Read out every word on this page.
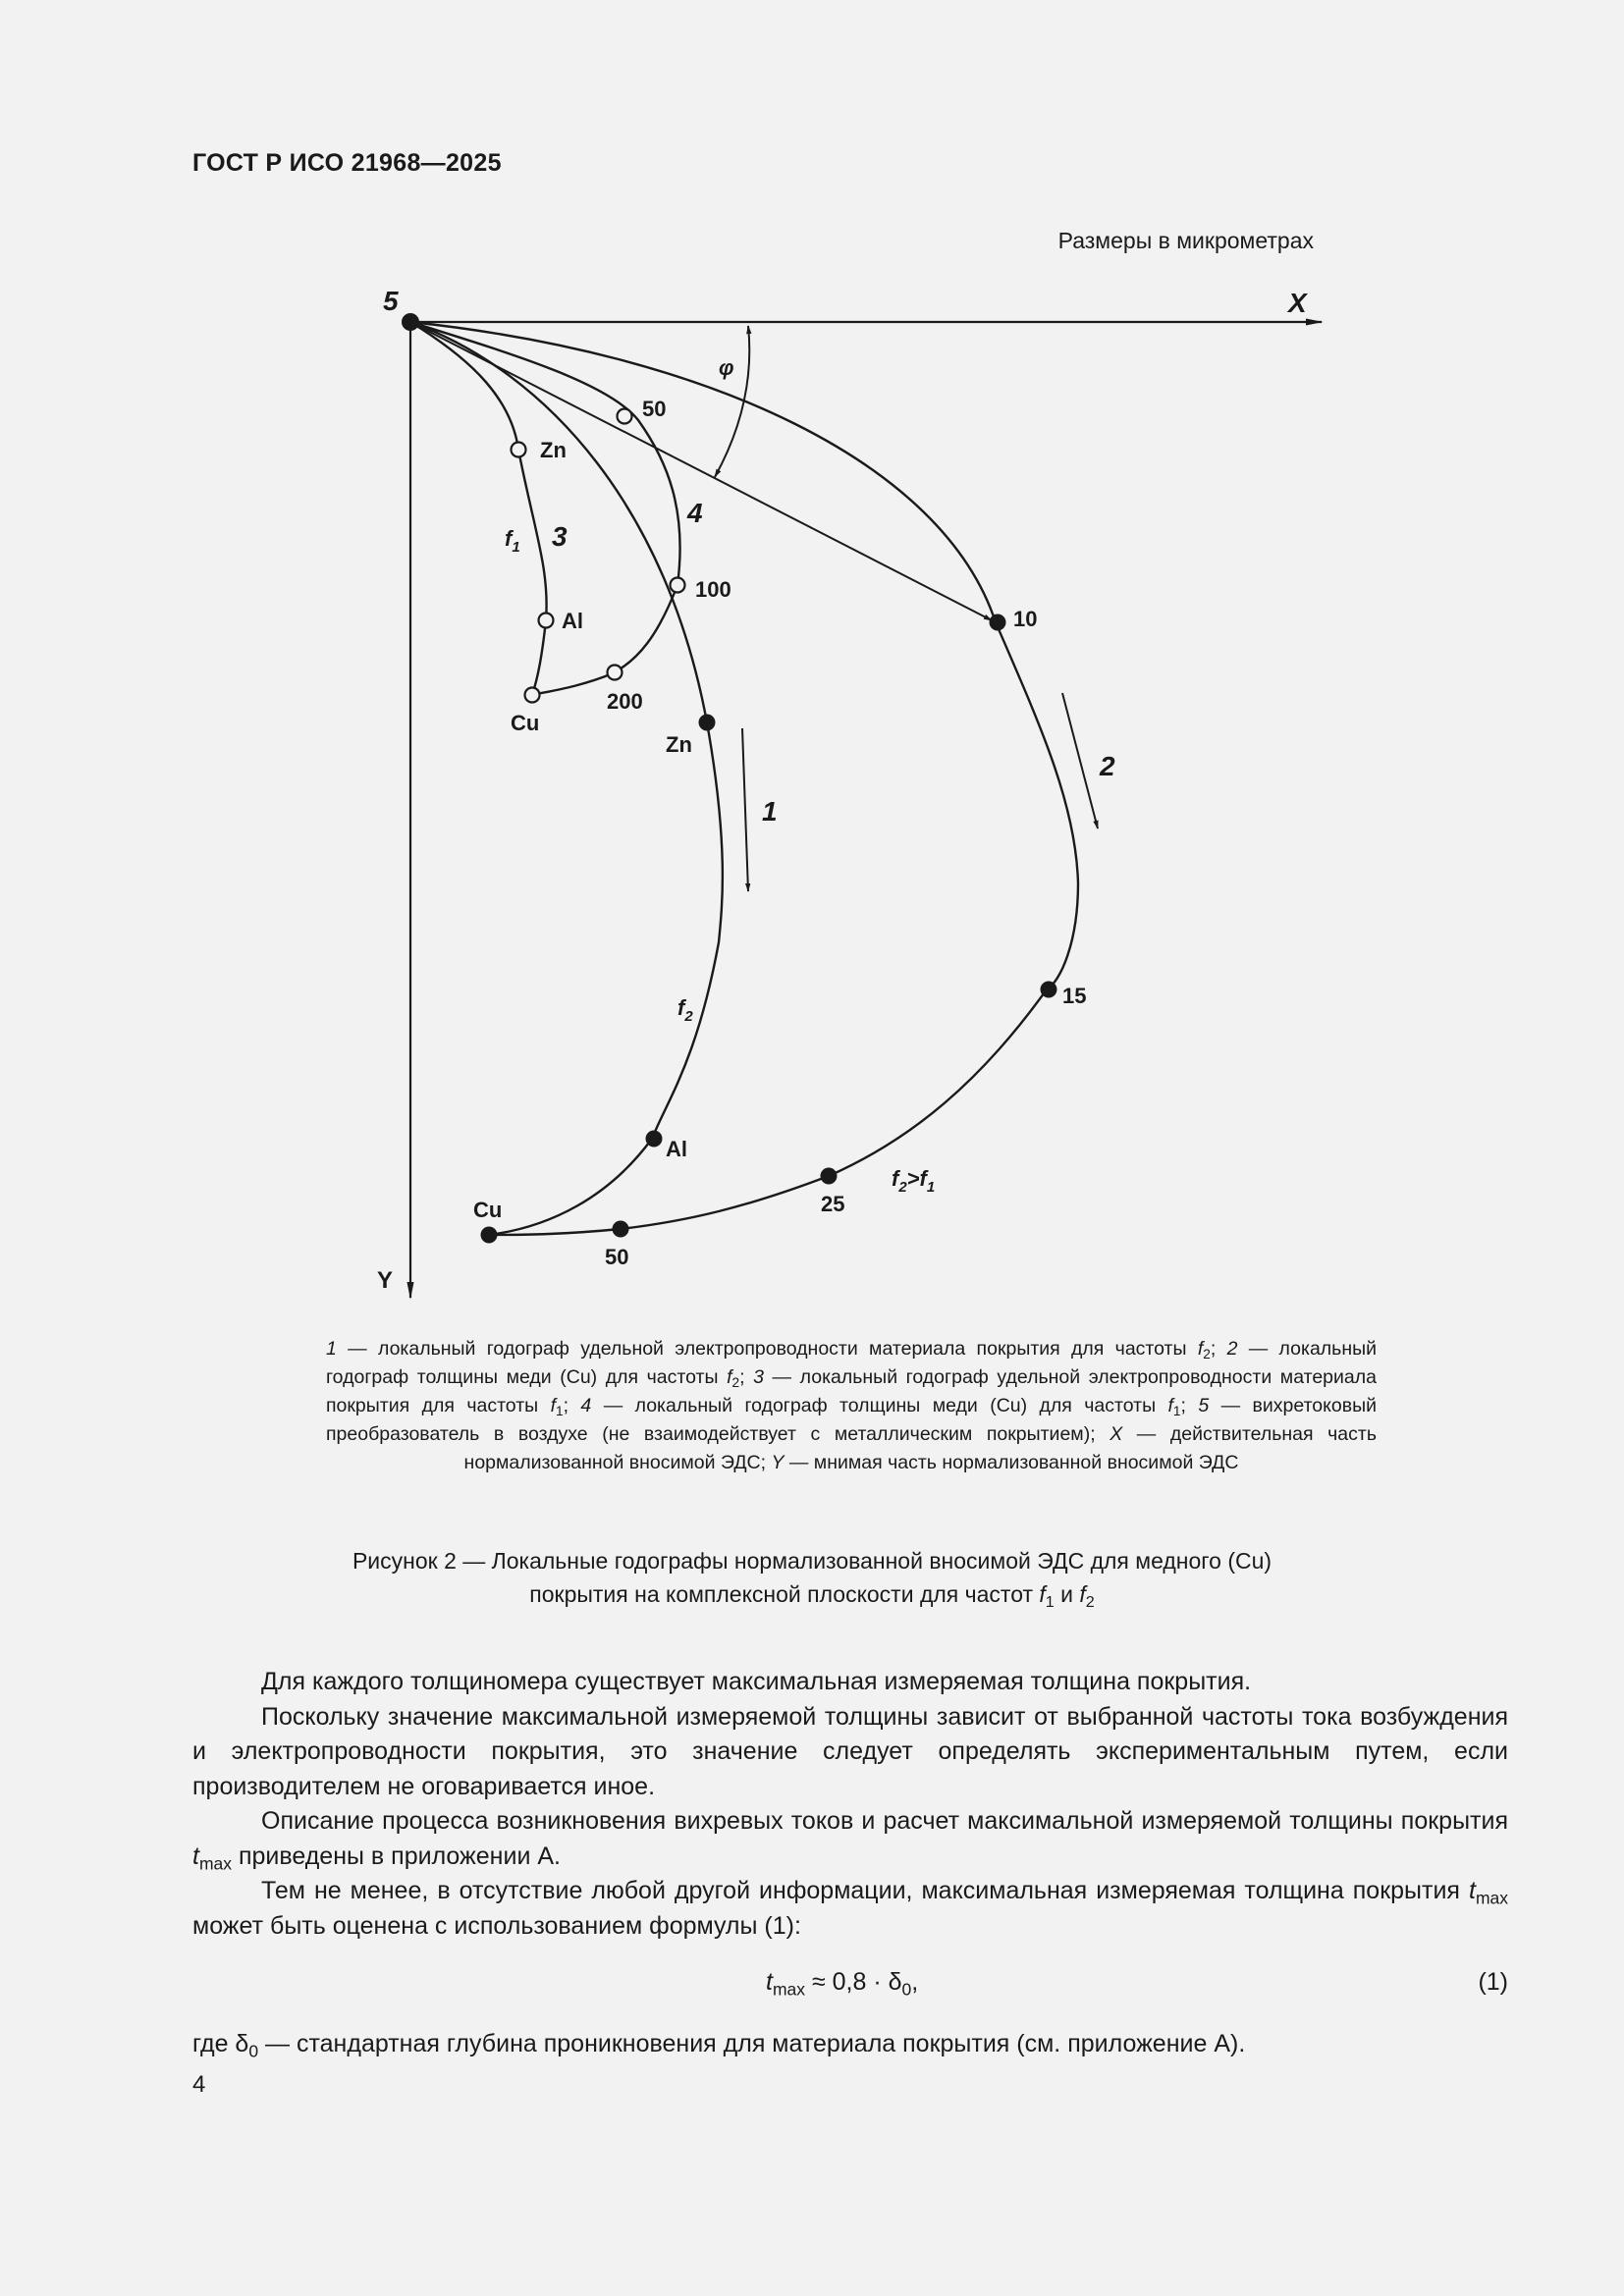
ГОСТ Р ИСО 21968—2025
Размеры в микрометрах
X
Y
5
φ
Zn
Al
Cu
50
100
200
Zn
Al
Cu
10
15
25
50
1
2
3
4
$f_1$
$f_2$
$f_2>f_1$
1 — локальный годограф удельной электропроводности материала покрытия для частоты $f_2$; 2 — локальный годограф толщины меди (Cu) для частоты $f_2$; 3 — локальный годограф удельной электропроводности материала покрытия для частоты $f_1$; 4 — локальный годограф толщины меди (Cu) для частоты $f_1$; 5 — вихретоковый преобразователь в воздухе (не взаимодействует с металлическим покрытием); X — действительная часть нормализованной вносимой ЭДС; Y — мнимая часть нормализованной вносимой ЭДС
Рисунок 2 — Локальные годографы нормализованной вносимой ЭДС для медного (Cu)
покрытия на комплексной плоскости для частот $f_1$ и $f_2$

Для каждого толщиномера существует максимальная измеряемая толщина покрытия.

Поскольку значение максимальной измеряемой толщины зависит от выбранной частоты тока возбуждения и электропроводности покрытия, это значение следует определять экспериментальным путем, если производителем не оговаривается иное.

Описание процесса возникновения вихревых токов и расчет максимальной измеряемой толщины покрытия $t_{max}$ приведены в приложении А.

Тем не менее, в отсутствие любой другой информации, максимальная измеряемая толщина покрытия $t_{max}$ может быть оценена с использованием формулы (1):

$t_{max} \approx 0,8 \cdot \delta_0$,	(1)
где $\delta_0$ — стандартная глубина проникновения для материала покрытия (см. приложение А).
4
